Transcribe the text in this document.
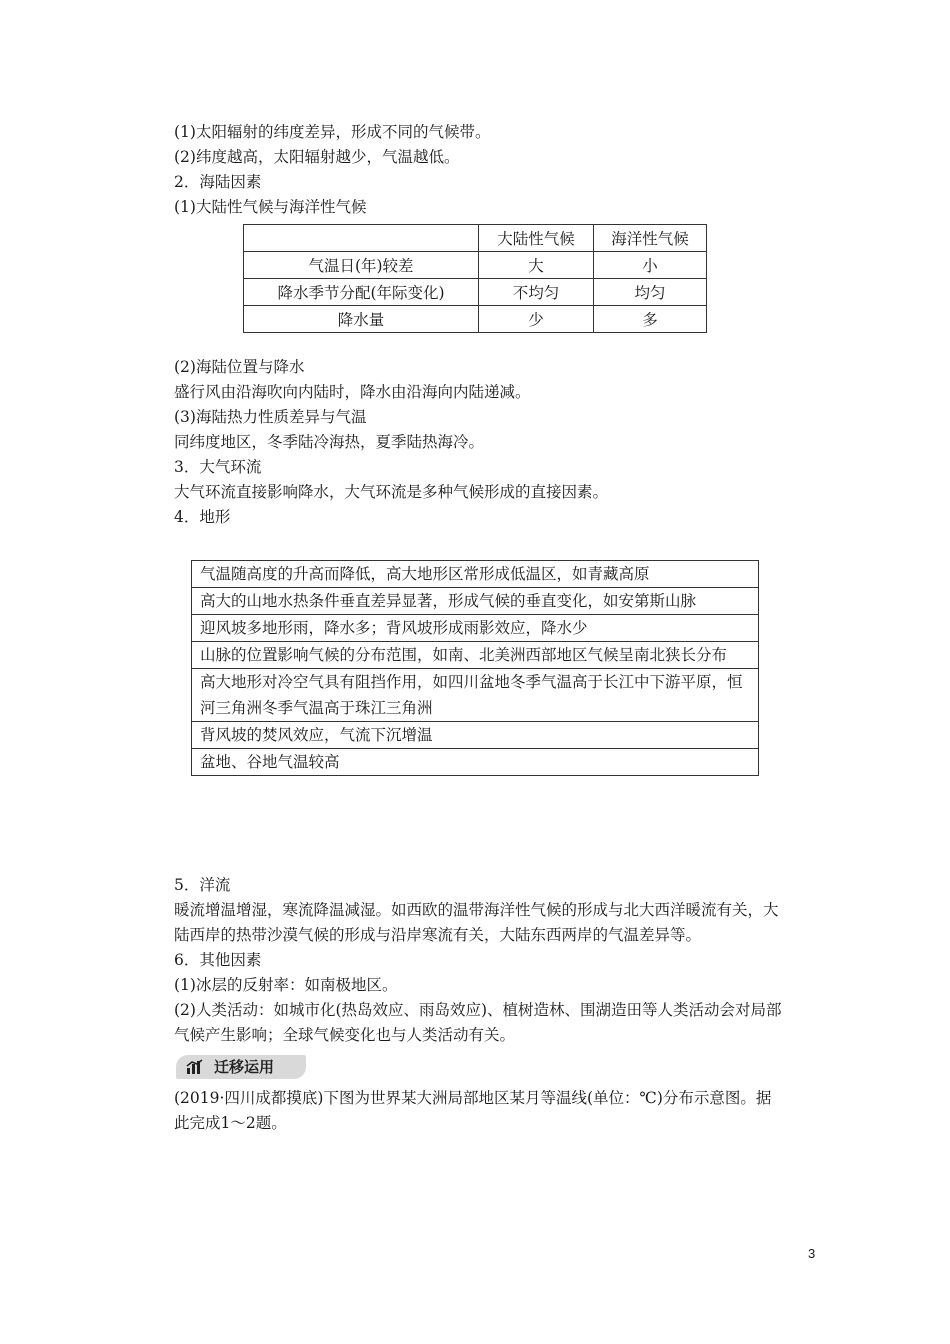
(1)太阳辐射的纬度差异，形成不同的气候带。
(2)纬度越高，太阳辐射越少，气温越低。
2．海陆因素
(1)大陆性气候与海洋性气候
	大陆性气候	海洋性气候
气温日(年)较差	大	小
降水季节分配(年际变化)	不均匀	均匀
降水量	少	多
(2)海陆位置与降水
盛行风由沿海吹向内陆时，降水由沿海向内陆递减。
(3)海陆热力性质差异与气温
同纬度地区，冬季陆冷海热，夏季陆热海冷。
3．大气环流
大气环流直接影响降水，大气环流是多种气候形成的直接因素。
4．地形
气温随高度的升高而降低，高大地形区常形成低温区，如青藏高原
高大的山地水热条件垂直差异显著，形成气候的垂直变化，如安第斯山脉
迎风坡多地形雨，降水多；背风坡形成雨影效应，降水少
山脉的位置影响气候的分布范围，如南、北美洲西部地区气候呈南北狭长分布
高大地形对冷空气具有阻挡作用，如四川盆地冬季气温高于长江中下游平原，恒河三角洲冬季气温高于珠江三角洲
背风坡的焚风效应，气流下沉增温
盆地、谷地气温较高
5．洋流
暖流增温增湿，寒流降温减湿。如西欧的温带海洋性气候的形成与北大西洋暖流有关，大
陆西岸的热带沙漠气候的形成与沿岸寒流有关，大陆东西两岸的气温差异等。
6．其他因素
(1)冰层的反射率：如南极地区。
(2)人类活动：如城市化(热岛效应、雨岛效应)、植树造林、围湖造田等人类活动会对局部
气候产生影响；全球气候变化也与人类活动有关。
迁移运用
(2019·四川成都摸底)下图为世界某大洲局部地区某月等温线(单位：℃)分布示意图。据
此完成1～2题。
3
